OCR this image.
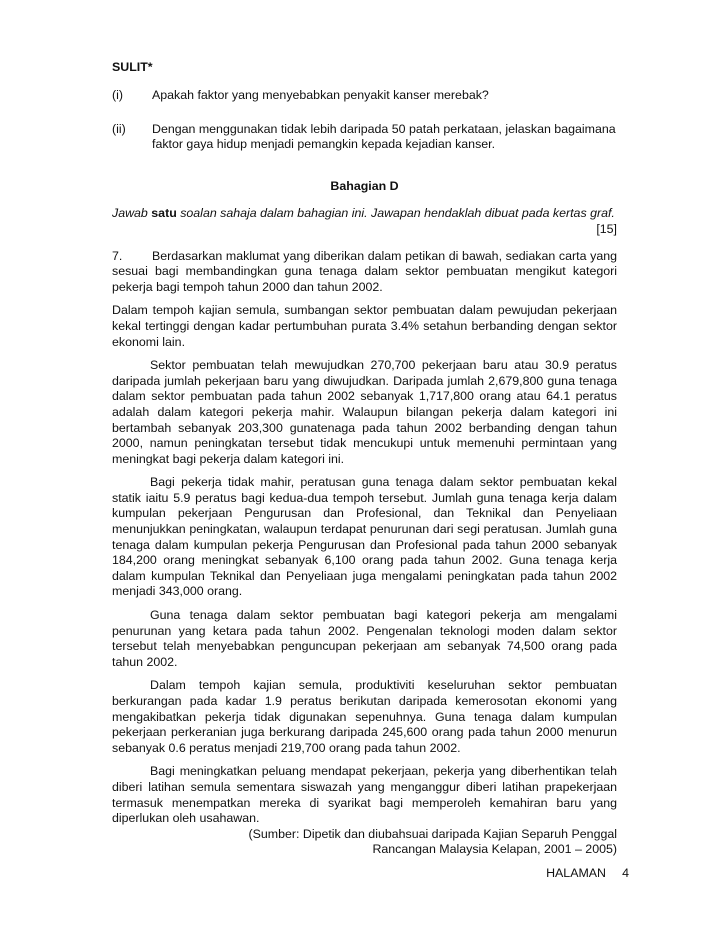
SULIT*
(i)	Apakah faktor yang menyebabkan penyakit kanser merebak?
(ii)	Dengan menggunakan tidak lebih daripada 50 patah perkataan, jelaskan bagaimana faktor gaya hidup menjadi pemangkin kepada kejadian kanser.
Bahagian D
Jawab satu soalan sahaja dalam bahagian ini. Jawapan hendaklah dibuat pada kertas graf.
[15]

7. Berdasarkan maklumat yang diberikan dalam petikan di bawah, sediakan carta yang sesuai bagi membandingkan guna tenaga dalam sektor pembuatan mengikut kategori pekerja bagi tempoh tahun 2000 dan tahun 2002.

Dalam tempoh kajian semula, sumbangan sektor pembuatan dalam pewujudan pekerjaan kekal tertinggi dengan kadar pertumbuhan purata 3.4% setahun berbanding dengan sektor ekonomi lain.

Sektor pembuatan telah mewujudkan 270,700 pekerjaan baru atau 30.9 peratus daripada jumlah pekerjaan baru yang diwujudkan. Daripada jumlah 2,679,800 guna tenaga dalam sektor pembuatan pada tahun 2002 sebanyak 1,717,800 orang atau 64.1 peratus adalah dalam kategori pekerja mahir. Walaupun bilangan pekerja dalam kategori ini bertambah sebanyak 203,300 gunatenaga pada tahun 2002 berbanding dengan tahun 2000, namun peningkatan tersebut tidak mencukupi untuk memenuhi permintaan yang meningkat bagi pekerja dalam kategori ini.

Bagi pekerja tidak mahir, peratusan guna tenaga dalam sektor pembuatan kekal statik iaitu 5.9 peratus bagi kedua-dua tempoh tersebut. Jumlah guna tenaga kerja dalam kumpulan pekerjaan Pengurusan dan Profesional, dan Teknikal dan Penyeliaan menunjukkan peningkatan, walaupun terdapat penurunan dari segi peratusan. Jumlah guna tenaga dalam kumpulan pekerja Pengurusan dan Profesional pada tahun 2000 sebanyak 184,200 orang meningkat sebanyak 6,100 orang pada tahun 2002. Guna tenaga kerja dalam kumpulan Teknikal dan Penyeliaan juga mengalami peningkatan pada tahun 2002 menjadi 343,000 orang.

Guna tenaga dalam sektor pembuatan bagi kategori pekerja am mengalami penurunan yang ketara pada tahun 2002. Pengenalan teknologi moden dalam sektor tersebut telah menyebabkan penguncupan pekerjaan am sebanyak 74,500 orang pada tahun 2002.

Dalam tempoh kajian semula, produktiviti keseluruhan sektor pembuatan berkurangan pada kadar 1.9 peratus berikutan daripada kemerosotan ekonomi yang mengakibatkan pekerja tidak digunakan sepenuhnya. Guna tenaga dalam kumpulan pekerjaan perkeranian juga berkurang daripada 245,600 orang pada tahun 2000 menurun sebanyak 0.6 peratus menjadi 219,700 orang pada tahun 2002.

Bagi meningkatkan peluang mendapat pekerjaan, pekerja yang diberhentikan telah diberi latihan semula sementara siswazah yang menganggur diberi latihan prapekerjaan termasuk menempatkan mereka di syarikat bagi memperoleh kemahiran baru yang diperlukan oleh usahawan.

(Sumber: Dipetik dan diubahsuai daripada Kajian Separuh Penggal
Rancangan Malaysia Kelapan, 2001 – 2005)
HALAMAN 4
